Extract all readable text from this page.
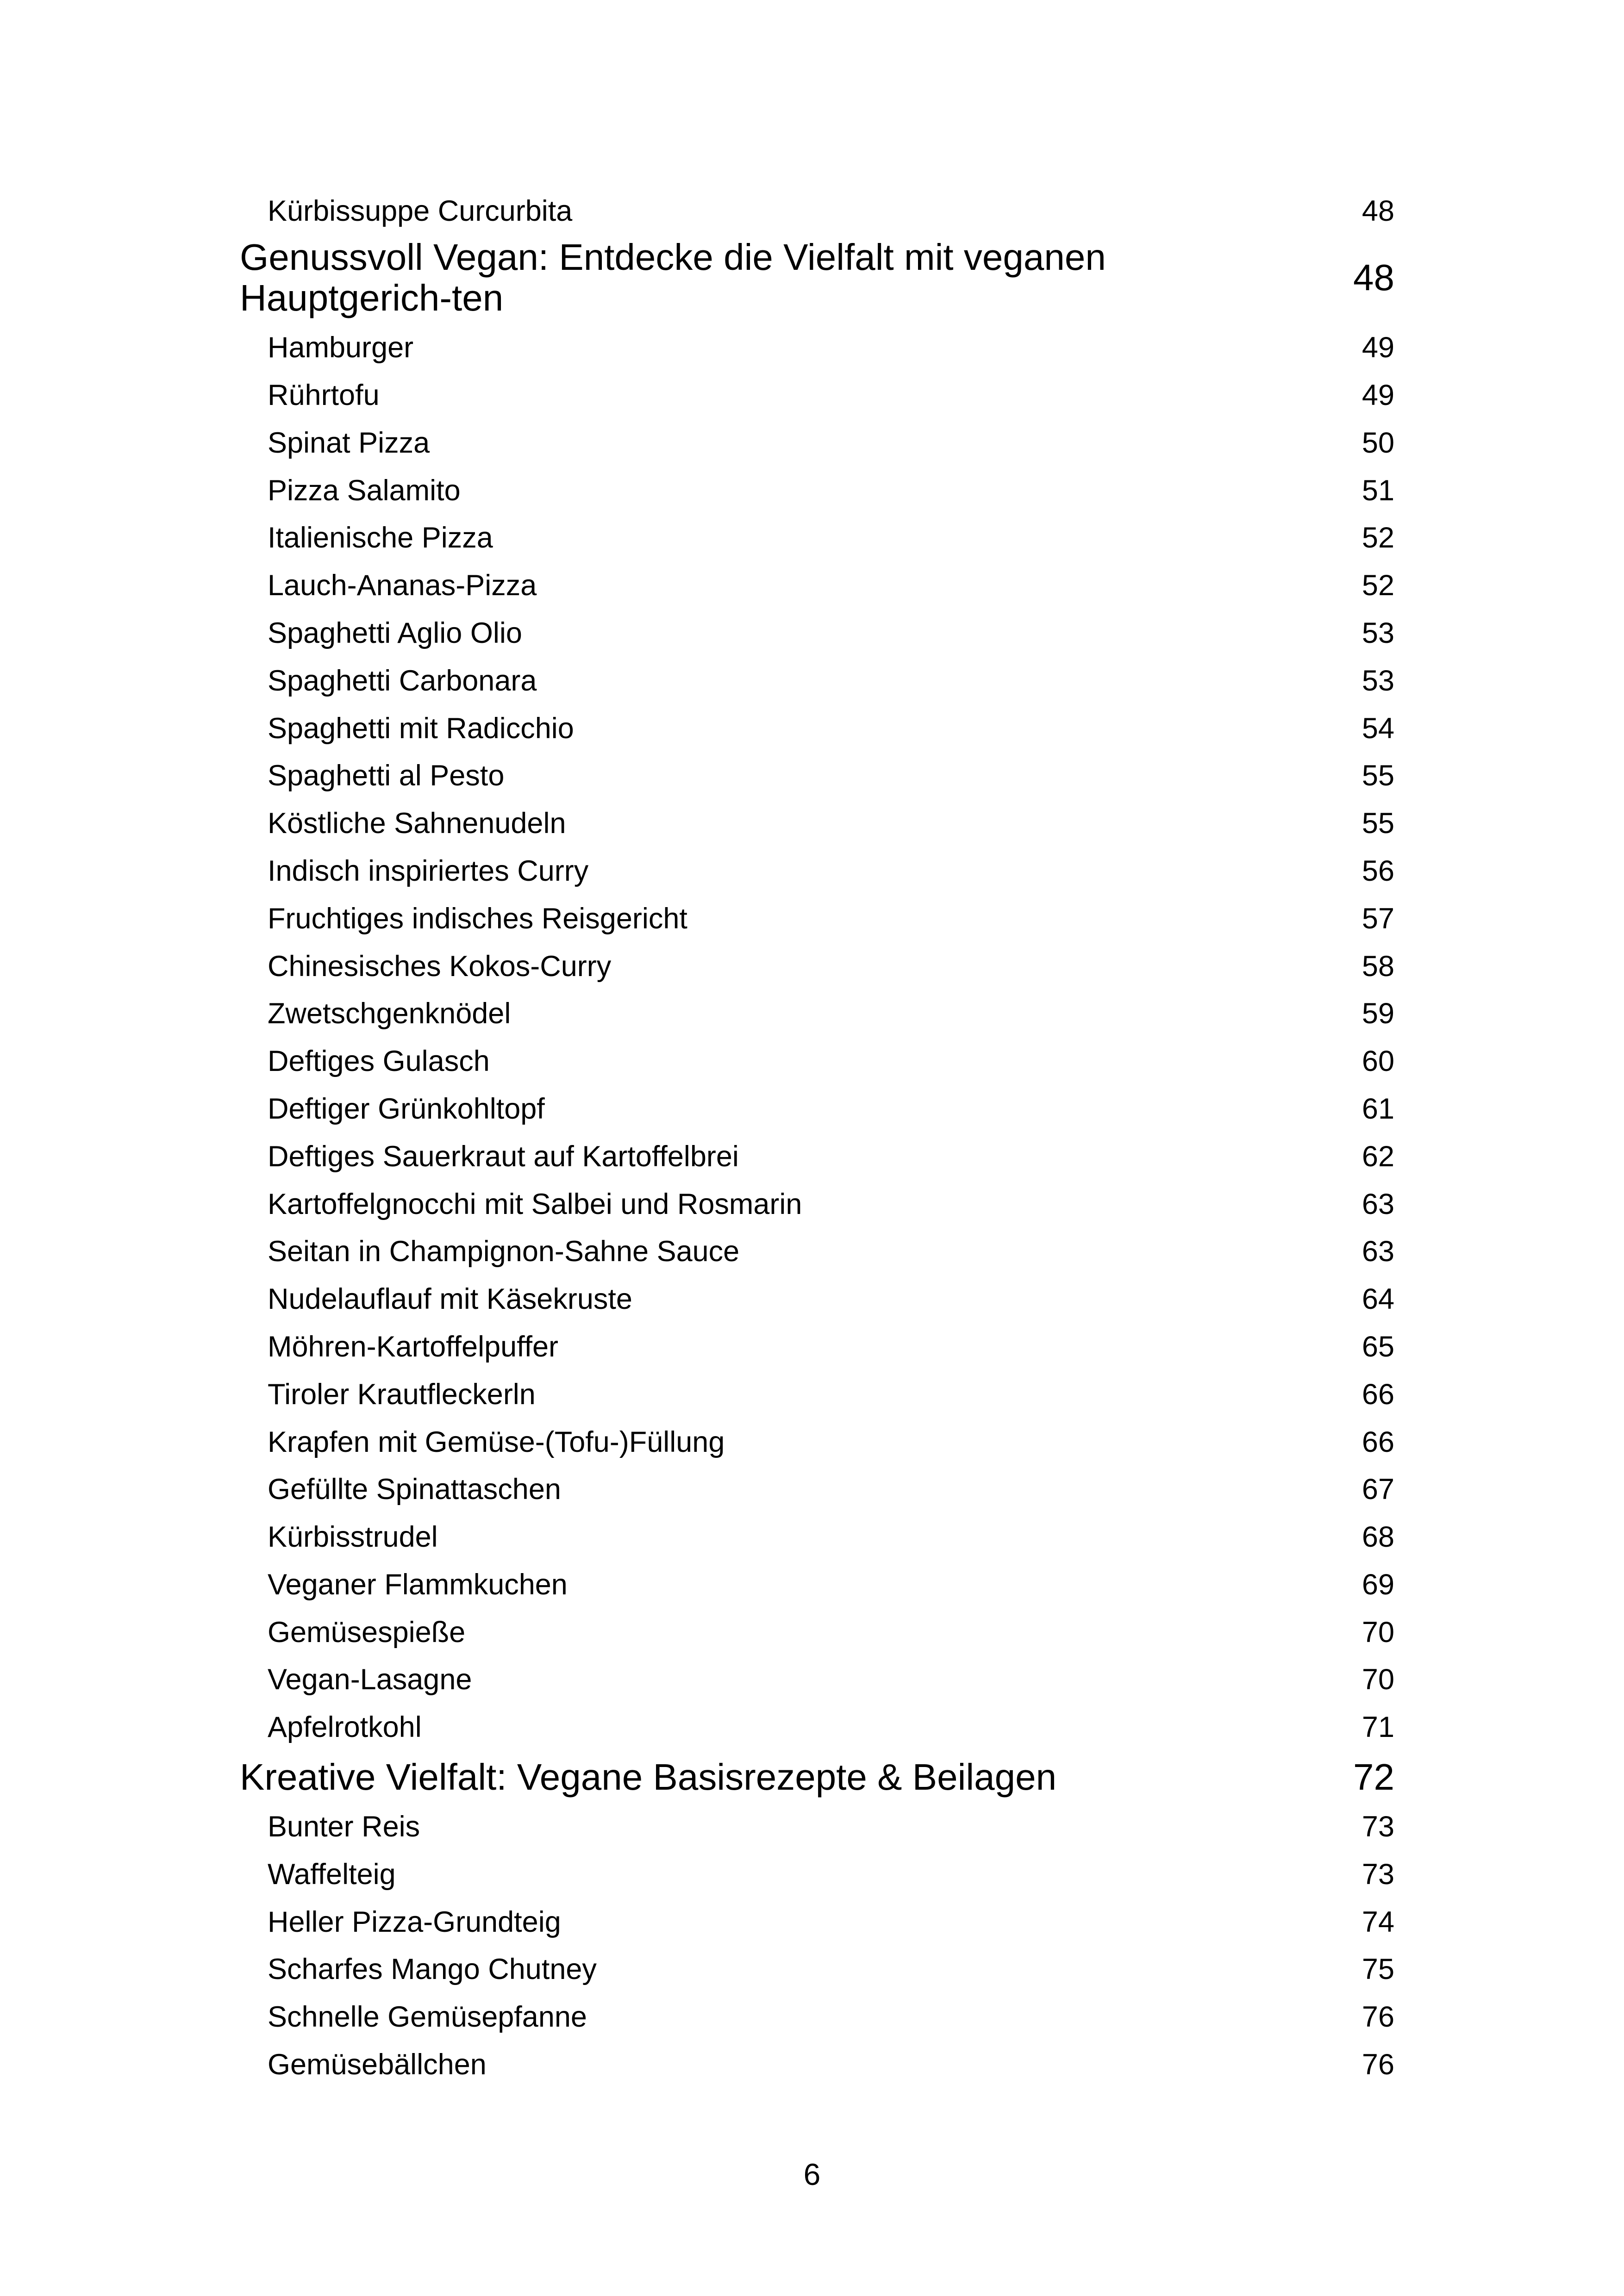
Kürbissuppe Curcurbita	48
Genussvoll Vegan: Entdecke die Vielfalt mit veganen Hauptgerich-ten	48
Hamburger	49
Rührtofu	49
Spinat Pizza	50
Pizza Salamito	51
Italienische Pizza	52
Lauch-Ananas-Pizza	52
Spaghetti Aglio Olio	53
Spaghetti Carbonara	53
Spaghetti mit Radicchio	54
Spaghetti al Pesto	55
Köstliche Sahnenudeln	55
Indisch inspiriertes Curry	56
Fruchtiges indisches Reisgericht	57
Chinesisches Kokos-Curry	58
Zwetschgenknödel	59
Deftiges Gulasch	60
Deftiger Grünkohltopf	61
Deftiges Sauerkraut auf Kartoffelbrei	62
Kartoffelgnocchi mit Salbei und Rosmarin	63
Seitan in Champignon-Sahne Sauce	63
Nudelauflauf mit Käsekruste	64
Möhren-Kartoffelpuffer	65
Tiroler Krautfleckerln	66
Krapfen mit Gemüse-(Tofu-)Füllung	66
Gefüllte Spinattaschen	67
Kürbisstrudel	68
Veganer Flammkuchen	69
Gemüsespieße	70
Vegan-Lasagne	70
Apfelrotkohl	71
Kreative Vielfalt: Vegane Basisrezepte & Beilagen	72
Bunter Reis	73
Waffelteig	73
Heller Pizza-Grundteig	74
Scharfes Mango Chutney	75
Schnelle Gemüsepfanne	76
Gemüsebällchen	76
6
